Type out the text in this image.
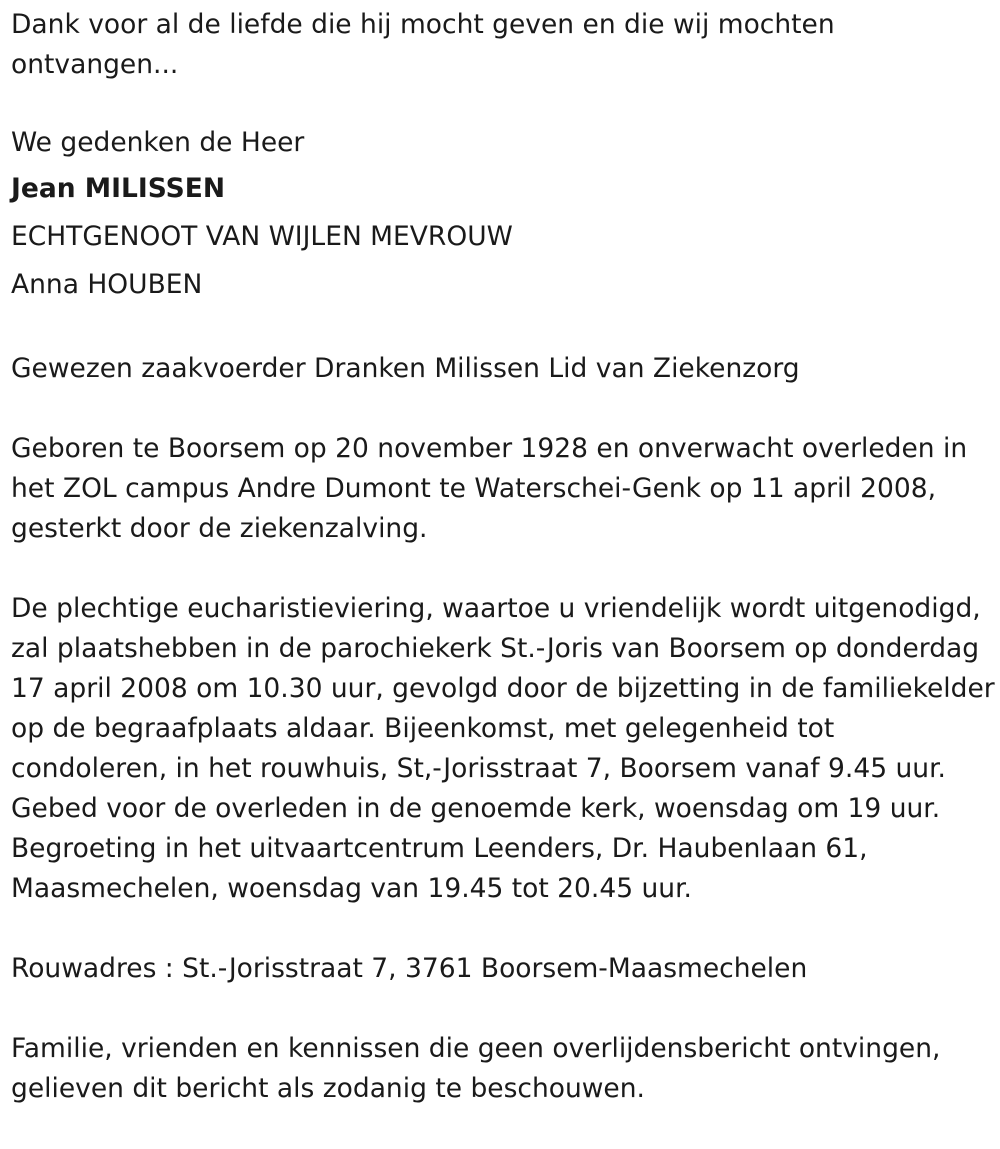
Dank voor al de liefde die hij mocht geven en die wij mochten
ontvangen...
We gedenken de Heer
Jean MILISSEN
ECHTGENOOT VAN WIJLEN MEVROUW
Anna HOUBEN
Gewezen zaakvoerder Dranken Milissen Lid van Ziekenzorg
Geboren te Boorsem op 20 november 1928 en onverwacht overleden in
het ZOL campus Andre Dumont te Waterschei-Genk op 11 april 2008,
gesterkt door de ziekenzalving.
De plechtige eucharistieviering, waartoe u vriendelijk wordt uitgenodigd,
zal plaatshebben in de parochiekerk St.-Joris van Boorsem op donderdag
17 april 2008 om 10.30 uur, gevolgd door de bijzetting in de familiekelder
op de begraafplaats aldaar. Bijeenkomst, met gelegenheid tot
condoleren, in het rouwhuis, St,-Jorisstraat 7, Boorsem vanaf 9.45 uur.
Gebed voor de overleden in de genoemde kerk, woensdag om 19 uur.
Begroeting in het uitvaartcentrum Leenders, Dr. Haubenlaan 61,
Maasmechelen, woensdag van 19.45 tot 20.45 uur.
Rouwadres : St.-Jorisstraat 7, 3761 Boorsem-Maasmechelen
Familie, vrienden en kennissen die geen overlijdensbericht ontvingen,
gelieven dit bericht als zodanig te beschouwen.
